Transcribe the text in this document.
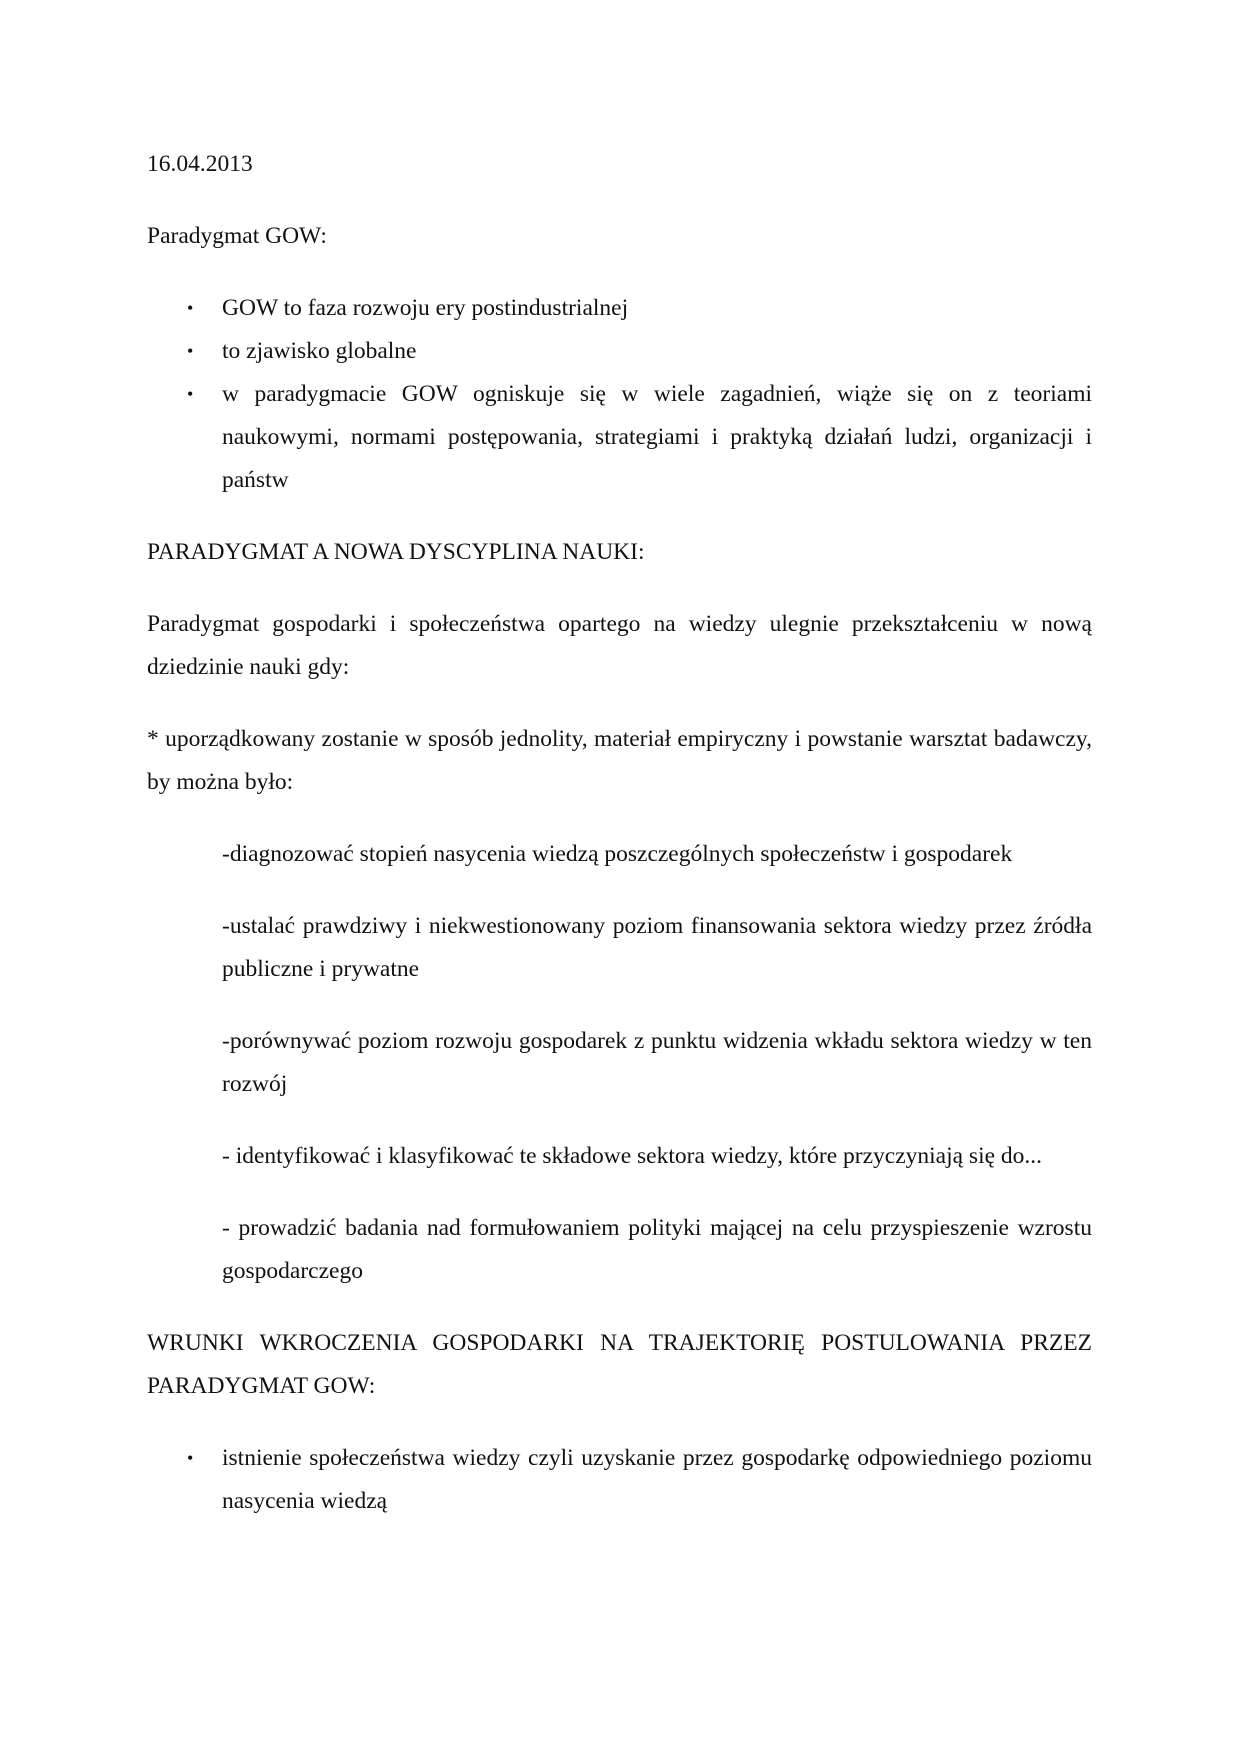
16.04.2013

Paradygmat GOW:

• GOW to faza rozwoju ery postindustrialnej
• to zjawisko globalne
• w paradygmacie GOW ogniskuje się w wiele zagadnień, wiąże się on z teoriami naukowymi, normami postępowania, strategiami i praktyką działań ludzi, organizacji i państw

PARADYGMAT A NOWA DYSCYPLINA NAUKI:

Paradygmat gospodarki i społeczeństwa opartego na wiedzy ulegnie przekształceniu w nową dziedzinie nauki gdy:

* uporządkowany zostanie w sposób jednolity, materiał empiryczny i powstanie warsztat badawczy, by można było:

-diagnozować stopień nasycenia wiedzą poszczególnych społeczeństw i gospodarek

-ustalać prawdziwy i niekwestionowany poziom finansowania sektora wiedzy przez źródła publiczne i prywatne

-porównywać poziom rozwoju gospodarek z punktu widzenia wkładu sektora wiedzy w ten rozwój

- identyfikować i klasyfikować te składowe sektora wiedzy, które przyczyniają się do...

- prowadzić badania nad formułowaniem polityki mającej na celu przyspieszenie wzrostu gospodarczego

WRUNKI WKROCZENIA GOSPODARKI NA TRAJEKTORIĘ POSTULOWANIA PRZEZ PARADYGMAT GOW:

• istnienie społeczeństwa wiedzy czyli uzyskanie przez gospodarkę odpowiedniego poziomu nasycenia wiedzą
